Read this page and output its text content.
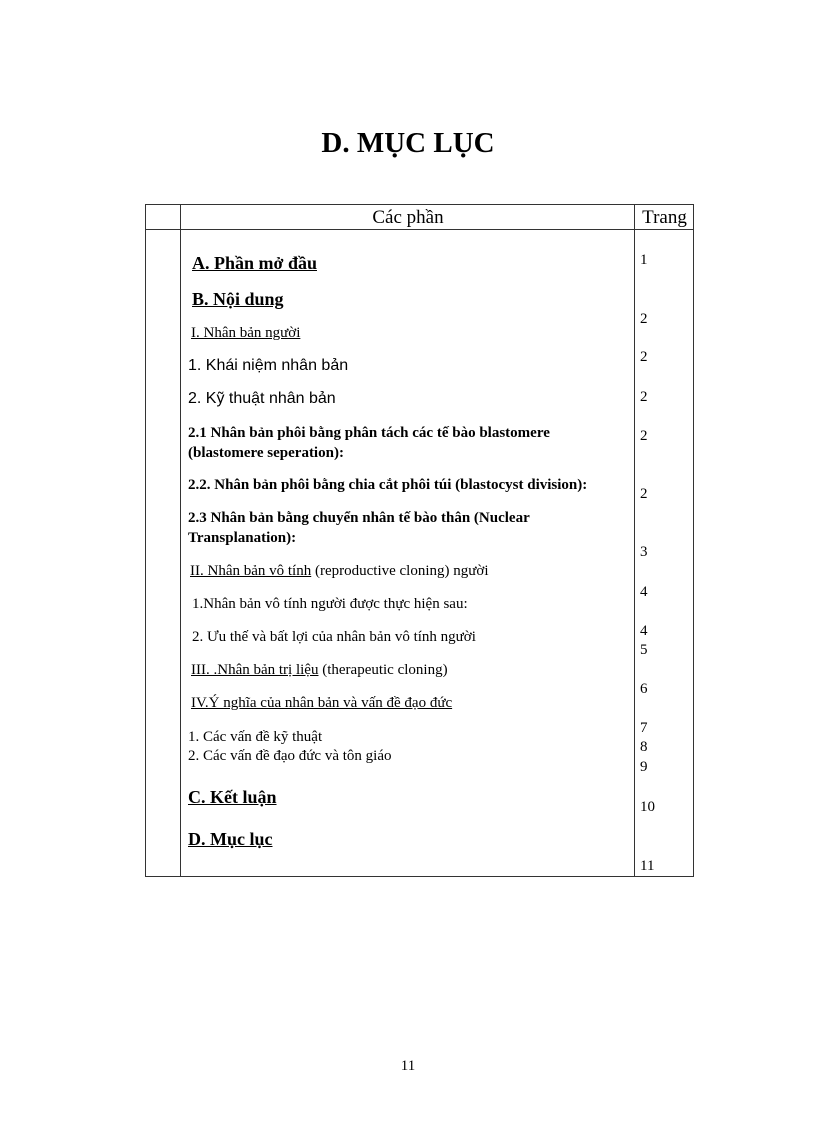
D. MỤC LỤC
Các phần	Trang
A. Phần mở đầu
B. Nội dung
I. Nhân bản người
1. Khái niệm nhân bản
2. Kỹ thuật nhân bản
2.1 Nhân bản phôi bằng phân tách các tế bào blastomere
(blastomere seperation):
2.2. Nhân bản phôi bằng chia cắt phôi túi (blastocyst division):
2.3 Nhân bản bằng chuyển nhân tế bào thân (Nuclear
Transplanation):
II. Nhân bản vô tính (reproductive cloning) người
1.Nhân bản vô tính người được thực hiện sau:
2. Ưu thế và bất lợi của nhân bản vô tính người
III. .Nhân bản trị liệu (therapeutic cloning)
IV.Ý nghĩa của nhân bản và vấn đề đạo đức
1. Các vấn đề kỹ thuật
2. Các vấn đề đạo đức và tôn giáo
C. Kết luận
D. Mục lục
1
2
2
2
2
2
3
4
4
5
6
7
8
9
10
11
11
